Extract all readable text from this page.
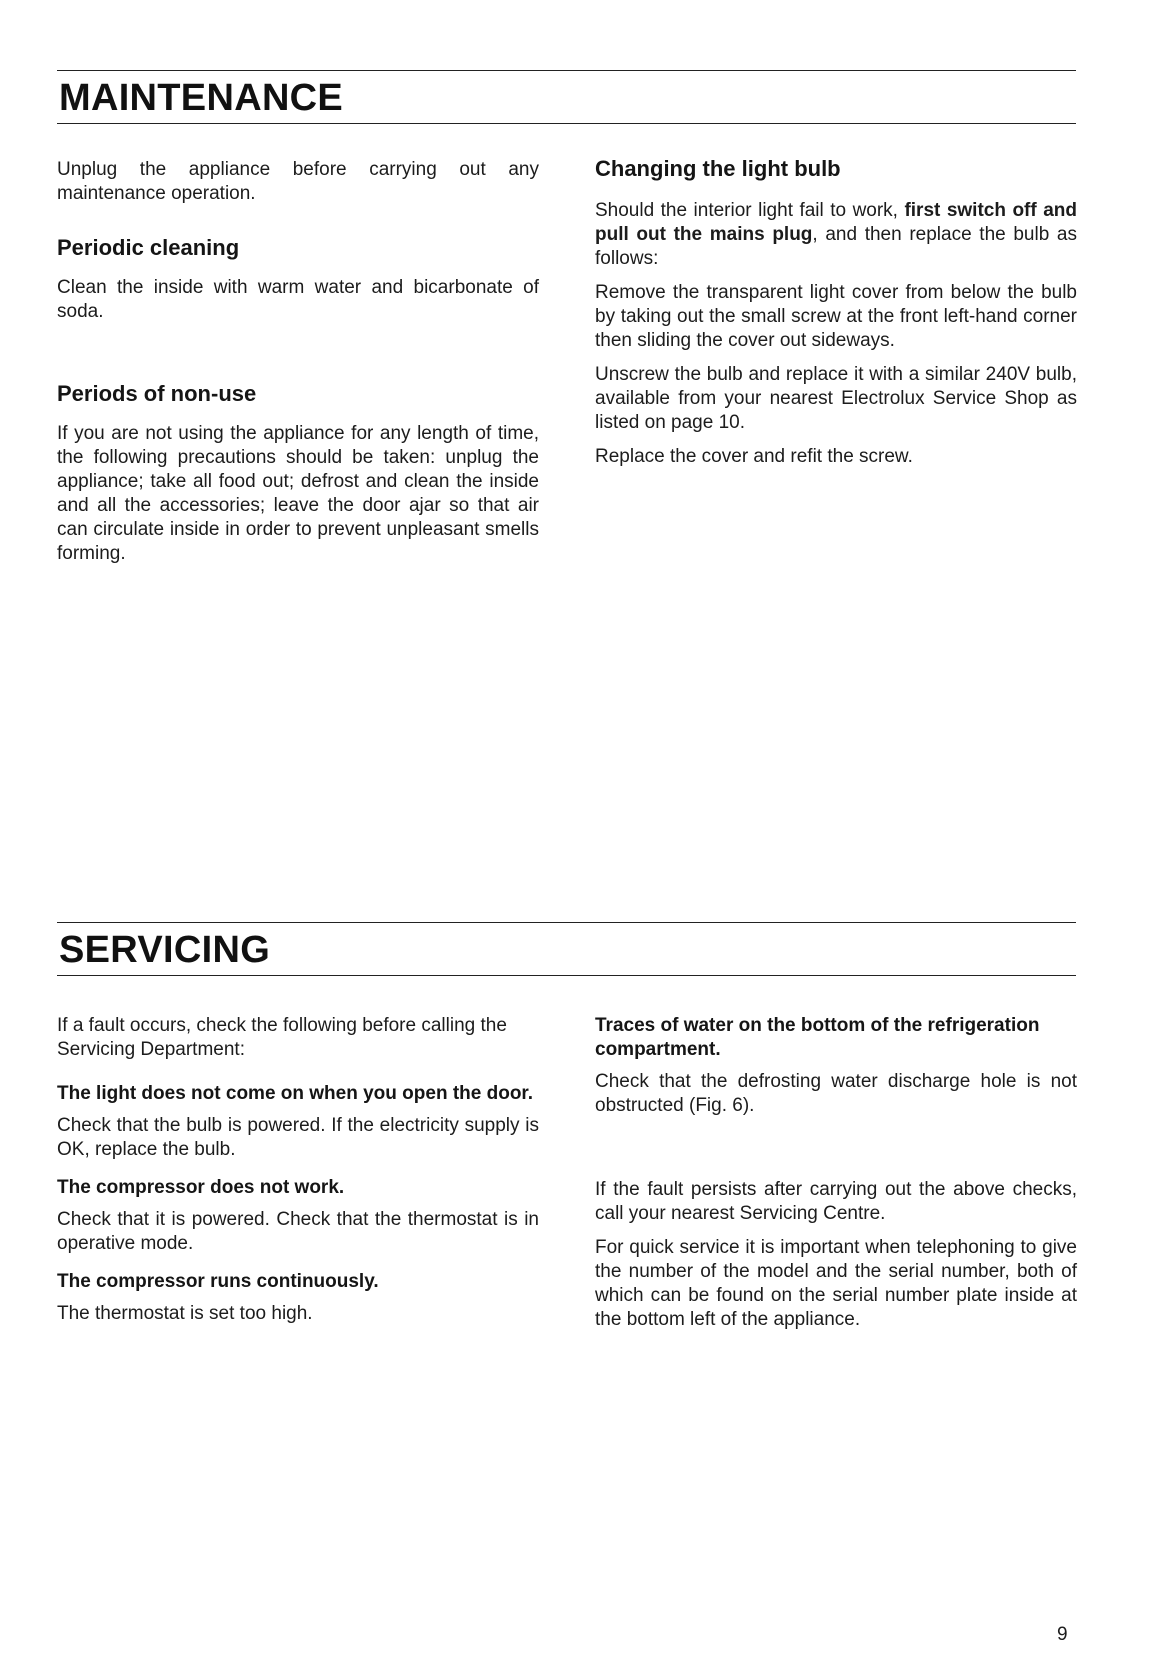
MAINTENANCE

Unplug the appliance before carrying out any maintenance operation.

Periodic cleaning

Clean the inside with warm water and bicarbonate of soda.

Periods of non-use

If you are not using the appliance for any length of time, the following precautions should be taken: unplug the appliance; take all food out; defrost and clean the inside and all the accessories; leave the door ajar so that air can circulate inside in order to prevent unpleasant smells forming.

Changing the light bulb

Should the interior light fail to work, first switch off and pull out the mains plug, and then replace the bulb as follows:

Remove the transparent light cover from below the bulb by taking out the small screw at the front left-hand corner then sliding the cover out sideways.

Unscrew the bulb and replace it with a similar 240V bulb, available from your nearest Electrolux Service Shop as listed on page 10.

Replace the cover and refit the screw.

SERVICING

If a fault occurs, check the following before calling the Servicing Department:

The light does not come on when you open the door.

Check that the bulb is powered. If the electricity supply is OK, replace the bulb.

The compressor does not work.

Check that it is powered. Check that the thermostat is in operative mode.

The compressor runs continuously.

The thermostat is set too high.

Traces of water on the bottom of the refrigeration compartment.

Check that the defrosting water discharge hole is not obstructed (Fig. 6).

If the fault persists after carrying out the above checks, call your nearest Servicing Centre.

For quick service it is important when telephoning to give the number of the model and the serial number, both of which can be found on the serial number plate inside at the bottom left of the appliance.

9
